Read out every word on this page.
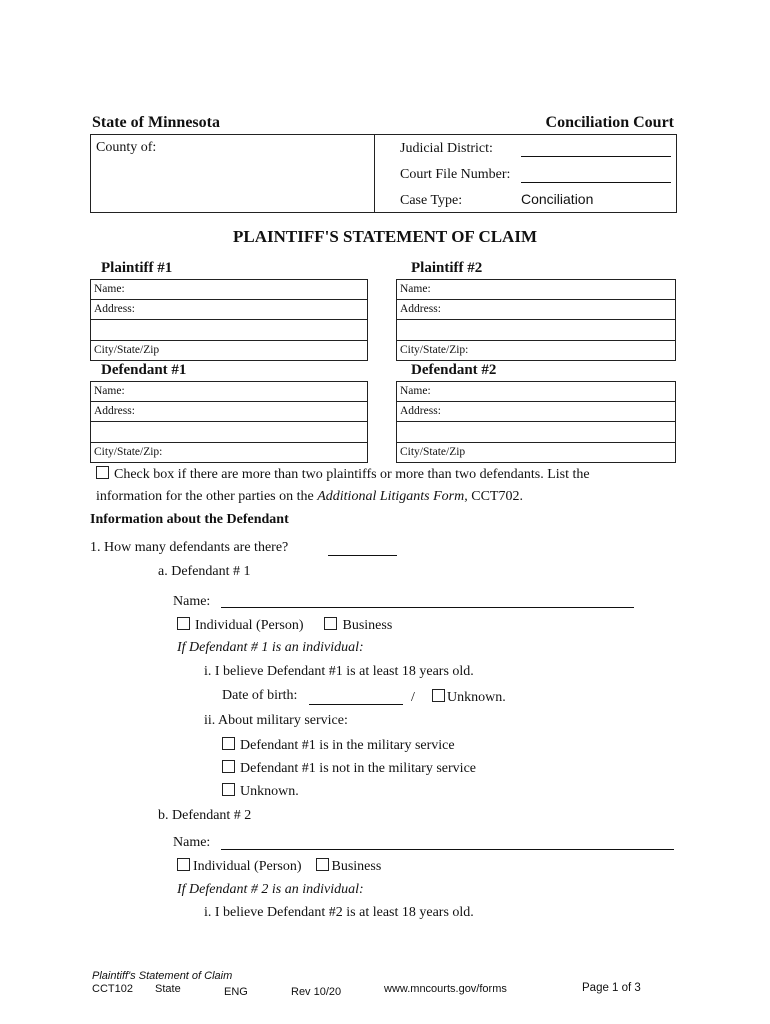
State of Minnesota	Conciliation Court
County of:	Judicial District:
Court File Number:
Case Type:	Conciliation
PLAINTIFF'S STATEMENT OF CLAIM
Plaintiff #1	Plaintiff #2
Name:
Address:
City/State/Zip
Name:
Address:
City/State/Zip:
Defendant #1	Defendant #2
Name:
Address:
City/State/Zip:
Name:
Address:
City/State/Zip
Check box if there are more than two plaintiffs or more than two defendants. List the
information for the other parties on the Additional Litigants Form, CCT702.
Information about the Defendant
1. How many defendants are there?
a. Defendant # 1
Name:
Individual (Person)	Business
If Defendant # 1 is an individual:
i. I believe Defendant #1 is at least 18 years old.
Date of birth:	/	Unknown.
ii. About military service:
Defendant #1 is in the military service
Defendant #1 is not in the military service
Unknown.
b. Defendant # 2
Name:
Individual (Person) Business
If Defendant # 2 is an individual:
i. I believe Defendant #2 is at least 18 years old.
Plaintiff's Statement of Claim
CCT102 State	ENG	Rev 10/20	www.mncourts.gov/forms	Page 1 of 3
